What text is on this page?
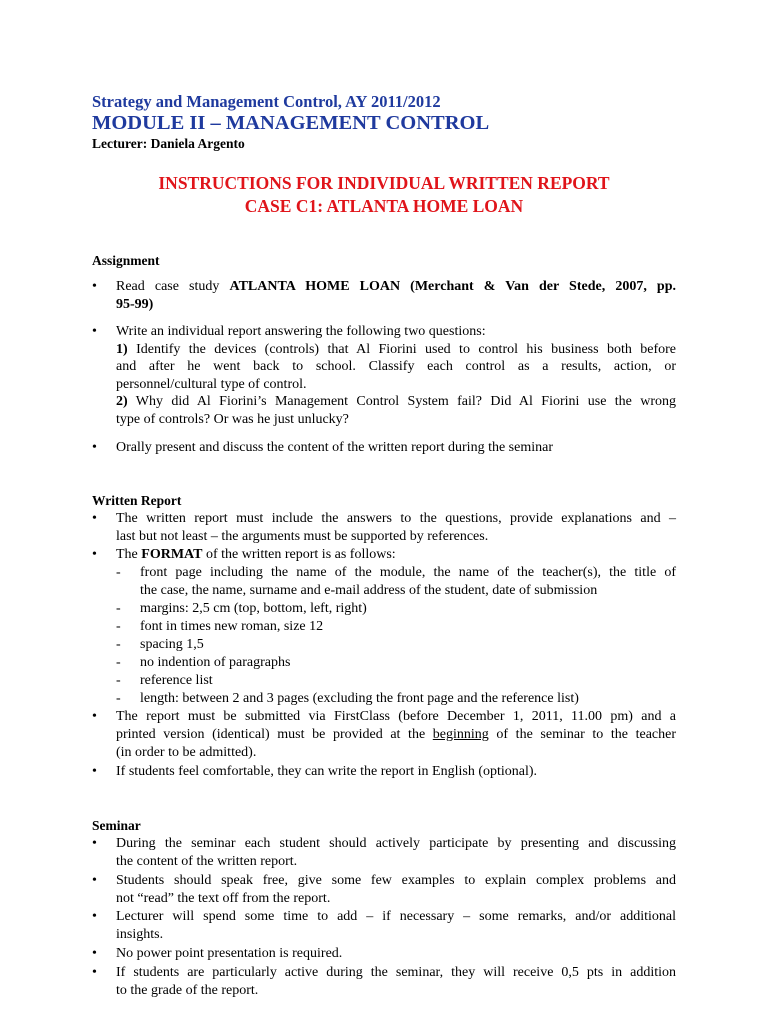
Strategy and Management Control, AY 2011/2012
MODULE II – MANAGEMENT CONTROL
Lecturer: Daniela Argento
INSTRUCTIONS FOR INDIVIDUAL WRITTEN REPORT
CASE C1: ATLANTA HOME LOAN
Assignment
•	Read case study ATLANTA HOME LOAN (Merchant & Van der Stede, 2007, pp.
95-99)
•	Write an individual report answering the following two questions:
1) Identify the devices (controls) that Al Fiorini used to control his business both before
and after he went back to school. Classify each control as a results, action, or
personnel/cultural type of control.
2) Why did Al Fiorini’s Management Control System fail? Did Al Fiorini use the wrong
type of controls? Or was he just unlucky?
•	Orally present and discuss the content of the written report during the seminar
Written Report
•	The written report must include the answers to the questions, provide explanations and –
last but not least – the arguments must be supported by references.
•	The FORMAT of the written report is as follows:
- front page including the name of the module, the name of the teacher(s), the title of
the case, the name, surname and e-mail address of the student, date of submission
- margins: 2,5 cm (top, bottom, left, right)
- font in times new roman, size 12
- spacing 1,5
- no indention of paragraphs
- reference list
- length: between 2 and 3 pages (excluding the front page and the reference list)
•	The report must be submitted via FirstClass (before December 1, 2011, 11.00 pm) and a
printed version (identical) must be provided at the beginning of the seminar to the teacher
(in order to be admitted).
•	If students feel comfortable, they can write the report in English (optional).
Seminar
•	During the seminar each student should actively participate by presenting and discussing
the content of the written report.
•	Students should speak free, give some few examples to explain complex problems and
not “read” the text off from the report.
•	Lecturer will spend some time to add – if necessary – some remarks, and/or additional
insights.
•	No power point presentation is required.
•	If students are particularly active during the seminar, they will receive 0,5 pts in addition
to the grade of the report.
